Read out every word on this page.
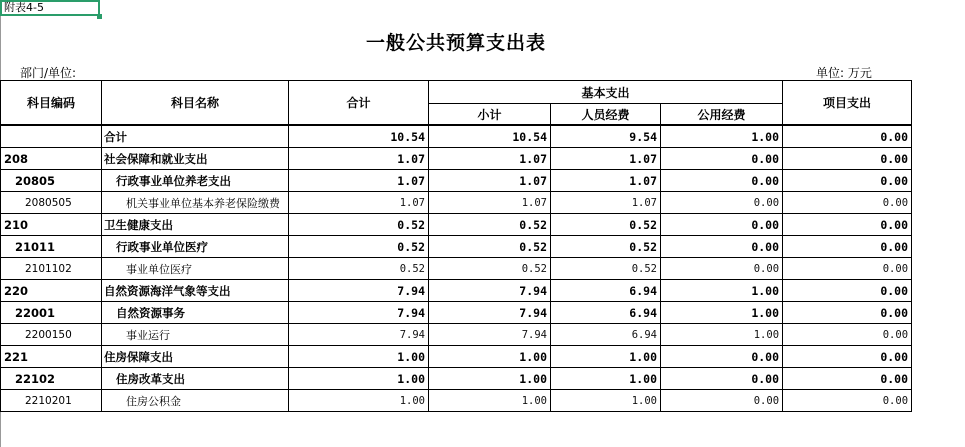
附表4-5
一般公共预算支出表
部门/单位:	单位: 万元
科目编码	科目名称	合计	基本支出			项目支出
			小计	人员经费	公用经费	
	合计	10.54	10.54	9.54	1.00	0.00
208	社会保障和就业支出	1.07	1.07	1.07	0.00	0.00
20805	行政事业单位养老支出	1.07	1.07	1.07	0.00	0.00
2080505	机关事业单位基本养老保险缴费	1.07	1.07	1.07	0.00	0.00
210	卫生健康支出	0.52	0.52	0.52	0.00	0.00
21011	行政事业单位医疗	0.52	0.52	0.52	0.00	0.00
2101102	事业单位医疗	0.52	0.52	0.52	0.00	0.00
220	自然资源海洋气象等支出	7.94	7.94	6.94	1.00	0.00
22001	自然资源事务	7.94	7.94	6.94	1.00	0.00
2200150	事业运行	7.94	7.94	6.94	1.00	0.00
221	住房保障支出	1.00	1.00	1.00	0.00	0.00
22102	住房改革支出	1.00	1.00	1.00	0.00	0.00
2210201	住房公积金	1.00	1.00	1.00	0.00	0.00
